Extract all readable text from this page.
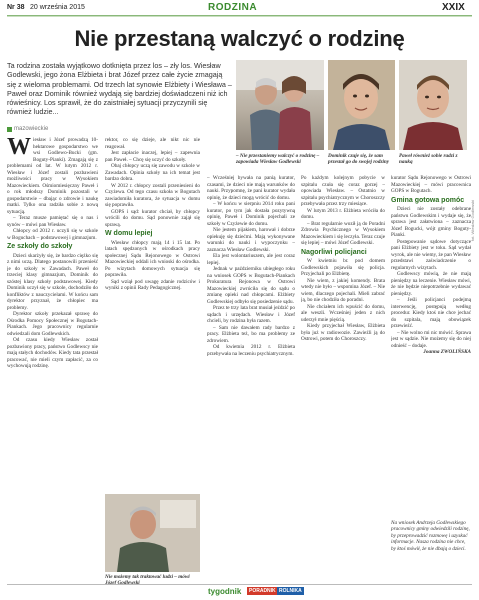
Nr 38 20 września 2015	RODZINA	XXIX
Nie przestaną walczyć o rodzinę
Ta rodzina została wyjątkowo dotknięta przez los – zły los. Wiesław Godlewski, jego żona Elżbieta i brat Józef przez całe życie zmagają się z wieloma problemami. Od trzech lat synowie Elżbiety i Wiesława – Paweł oraz Dominik również wydają się bardziej doświadczeni niż ich rówieśnicy. Los sprawił, że do zaistniałej sytuacji przyczynili się również ludzie...
mazowieckie
– Nie przestaniemy walczyć o rodzinę – zapowiada Wiesław Godlewski
Dominik czuje się, że sam przestał go do swojej rodziny
Paweł również sobie radzi z nauką
fot. Wiesław Godlewski
Nie możemy tak traktować ludzi – mówi

Wiesław i Józef prowadzą 10-hektarowe gospodarstwo we wsi Godlewo-Bucki (gm. Boguty-Pianki). Zmagają się z problemami od lat. W lutym 2012 r. Wiesław i Józef zostali pozbawieni możliwości pracy w Wysokiem Mazowieckiem. Ośmiomiesięczny Paweł i o rok młodszy Dominik pozostali w gospodarstwie – dbając o zdrowie i naukę matki. Tylko ona radziła sobie z nową sytuacją.

– Teraz musze pamiętać się o nas i synów – mówi pan Wiesław.

Chłopcy od 2012 r. uczyli się w szkole w Boguchach – podstawowej i gimnazjum.

Ze szkoły do szkoły

Dzieci skarżyły się, że bardzo ciężko się z nimi uczą. Dlatego postanowili przenieść je do szkoły w Zawadach. Paweł do trzeciej klasy gimnazjum, Dominik do szóstej klasy szkoły podstawowej. Kiedy Dominik uczył się w szkole, dochodziło do konfliktów z nauczycielami. W końcu sam dyrektor przyznał, że chłopiec ma problemy.

Dyrektor szkoły przekazał sprawę do Ośrodka Pomocy Społecznej w Bogutach-Piankach. Jego pracownicy regularnie odwiedzali dom Godlewskich.

Od czasu kiedy Wiesław został pozbawiony pracy, państwo Godlewscy nie mają stałych dochodów. Kiedy tata przestał pracować, nie mieli czym zapłacić, za co wychowują rodzinę.

rektor, co się dzieje, ale nikt nic nie reagował.

Jest zapłacie inaczej, lepiej – zapewnia pan Paweł. – Chcę się uczyć do szkoły.

Obaj chłopcy uczą się zawodu w szkole w Zawadach. Opinia szkoły na ich temat jest bardzo dobra.

W 2012 r. chłopcy zostali przeniesieni do Czyżewa. Od tego czasu szkoła w Bogutach zawiadomiła kuratora, że sytuacja w domu się poprawiła.

GOPS i sąd: kurator chciał, by chłopcy wrócili do domu. Sąd ponownie zajął się sprawą.

W domu lepiej

Wiesław chłopcy mają 14 i 15 lat. Po latach spędzonych w ośrodkach pracy społecznej Sądu Rejonowego w Ostrowi Mazowieckiej oddali ich wnioski do ośrodka. Po wizytach domowych sytuacja się poprawiła.

Sąd wziął pod uwagę zdanie rodziców i wyniki z opinii Rady Pedagogicznej.

– Wcześniej bywała na panią kurator, czasami, że dzieci nie mają warunków do nauki. Przypomnę, że pani kurator wydała opinię, że dzieci mogą wrócić do domu.

– W końcu w sierpniu 2014 roku pani kurator, po tym jak dostała pozytywną opinię, Paweł i Dominik pojechali ze szkoły w Czyżewie do domu.

Nie jestem pijakiem, harował i dobrze opiekuję się dziećmi. Mają wykonywane warunki do nauki i wypoczynku – zaznacza Wiesław Godlewski.

Ela jest wolontariuszem, ale jest coraz lepiej.

Jednak w październiku ubiegłego roku na wniosek GOPS w Bogutach-Piankach Prokuratura Rejonowa w Ostrowi Mazowieckiej zwróciła się do sądu o zmianę opieki nad chłopcami. Elżbiety Godlewskiej odbyło się posiedzenie sądu.

Przez te trzy lata brat musiał jeździć po sądach i urzędach. Wiesław i Józef chcieli, by rodzina była razem.

– Sam nie dawałem rady bardzo z pracy. Elżbieta też, bo ma problemy ze zdrowiem.

Od kwietnia 2012 r. Elżbieta przebywała na leczeniu psychiatrycznym.

Po każdym kolejnym pobycie w szpitalu czuła się coraz gorzej – opowiada Wiesław. – Ostatnio w szpitalu psychiatrycznym w Choroszczy przebywała przez trzy miesiące.

W lutym 2013 r. Elżbieta wróciła do domu.

– Brat regularnie woził ją do Poradni Zdrowia Psychicznego w Wysokiem Mazowieckiem i się leczyła. Teraz czuje się lepiej – mówi Józef Godlewski.

Nagorliwi policjanci

W kwietniu br. pod domem Godlewskich pojawiła się policja. Przyjechali po Elżbietę.

Nie wiem, z jakiej komendy. Brata wtedy nie było – wspomina Józef. – Nie wiem, dlaczego pojechali. Mieli zabrać ją, bo nie chodziła do poradni.

Nie chciałem ich wpuścić do domu, ale weszli. Wcześniej jeden z nich uderzył mnie pięścią.

Kiedy przyjechał Wiesław, Elżbieta była już w radiowozie. Zawieźli ją do Ostrowi, potem do Choroszczy.

kurator Sądu Rejonowego w Ostrowi Mazowieckiej – mówi pracownica GOPS w Bogutach.

Gmina gotowa pomóc

Dzieci nie zostały odebrane państwu Godlewskim i wydaje się, że sprawa jest załatwiona – zaznacza Józef Bogucki, wójt gminy Boguty-Pianki.

Postępowanie sądowe dotyczące pani Elżbiety jest w toku. Sąd wydał wyrok, ale nie wiemy, że pan Wiesław przedstawi zaświadczenie o regularnych wizytach.

Godlewscy mówią, że nie mają pieniędzy na leczenie. Wiesław mówi, że nie będzie niepotrzebnie wydawać pieniędzy.

– Jeśli policjanci podejmą interwencję, postępują według procedur. Kiedy ktoś nie chce jechać do szpitala, mają obowiązek przewieźć.

– Nie wolno mi nic mówić. Sprawa jest w sądzie. Nie możemy się do niej odnieść – dodaje.

Joanna ZWOLIŃSKA
Na wniosek Andrzeja Godlewskiego pracownicy gminy odwiedzili rodzinę, by przeprowadzić rozmowę i uzyskać informacje. Nasza rodzina nie chce, by ktoś mówił, że nie dbają o dzieci.
tygodnik	PORADNIK ROLNIKA
